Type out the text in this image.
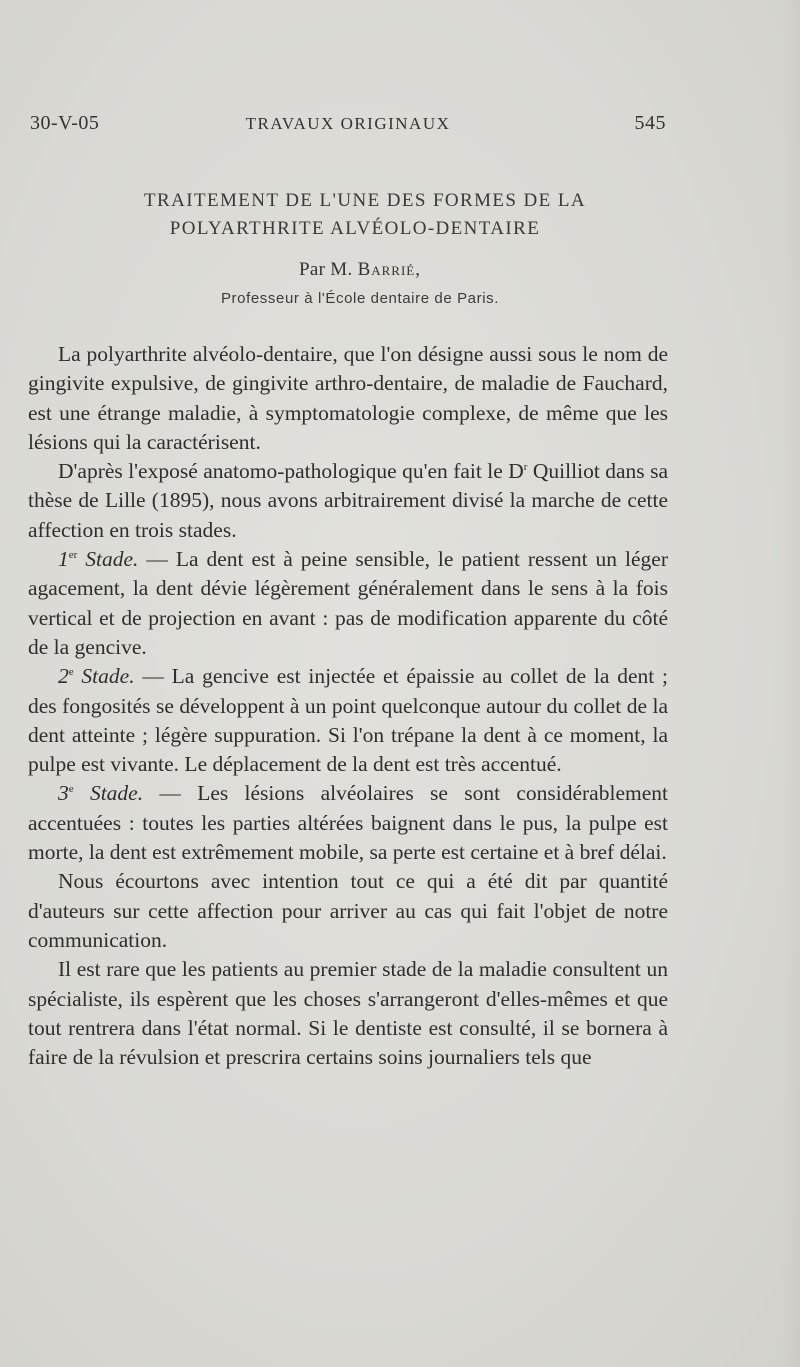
30-V-05	TRAVAUX ORIGINAUX	545
TRAITEMENT DE L'UNE DES FORMES DE LA
POLYARTHRITE ALVÉOLO-DENTAIRE
Par M. Barrié,
Professeur à l'École dentaire de Paris.

La polyarthrite alvéolo-dentaire, que l'on désigne aussi sous le nom de gingivite expulsive, de gingivite arthro-dentaire, de maladie de Fauchard, est une étrange maladie, à symptomatologie complexe, de même que les lésions qui la caractérisent.

D'après l'exposé anatomo-pathologique qu'en fait le $D^r$ Quilliot dans sa thèse de Lille (1895), nous avons arbitrairement divisé la marche de cette affection en trois stades.

1er Stade. — La dent est à peine sensible, le patient ressent un léger agacement, la dent dévie légèrement généralement dans le sens à la fois vertical et de projection en avant : pas de modification apparente du côté de la gencive.

2e Stade. — La gencive est injectée et épaissie au collet de la dent ; des fongosités se développent à un point quelconque autour du collet de la dent atteinte ; légère suppuration. Si l'on trépane la dent à ce moment, la pulpe est vivante. Le déplacement de la dent est très accentué.

3e Stade. — Les lésions alvéolaires se sont considérablement accentuées : toutes les parties altérées baignent dans le pus, la pulpe est morte, la dent est extrêmement mobile, sa perte est certaine et à bref délai.

Nous écourtons avec intention tout ce qui a été dit par quantité d'auteurs sur cette affection pour arriver au cas qui fait l'objet de notre communication.

Il est rare que les patients au premier stade de la maladie consultent un spécialiste, ils espèrent que les choses s'arrangeront d'elles-mêmes et que tout rentrera dans l'état normal. Si le dentiste est consulté, il se bornera à faire de la révulsion et prescrira certains soins journaliers tels que
